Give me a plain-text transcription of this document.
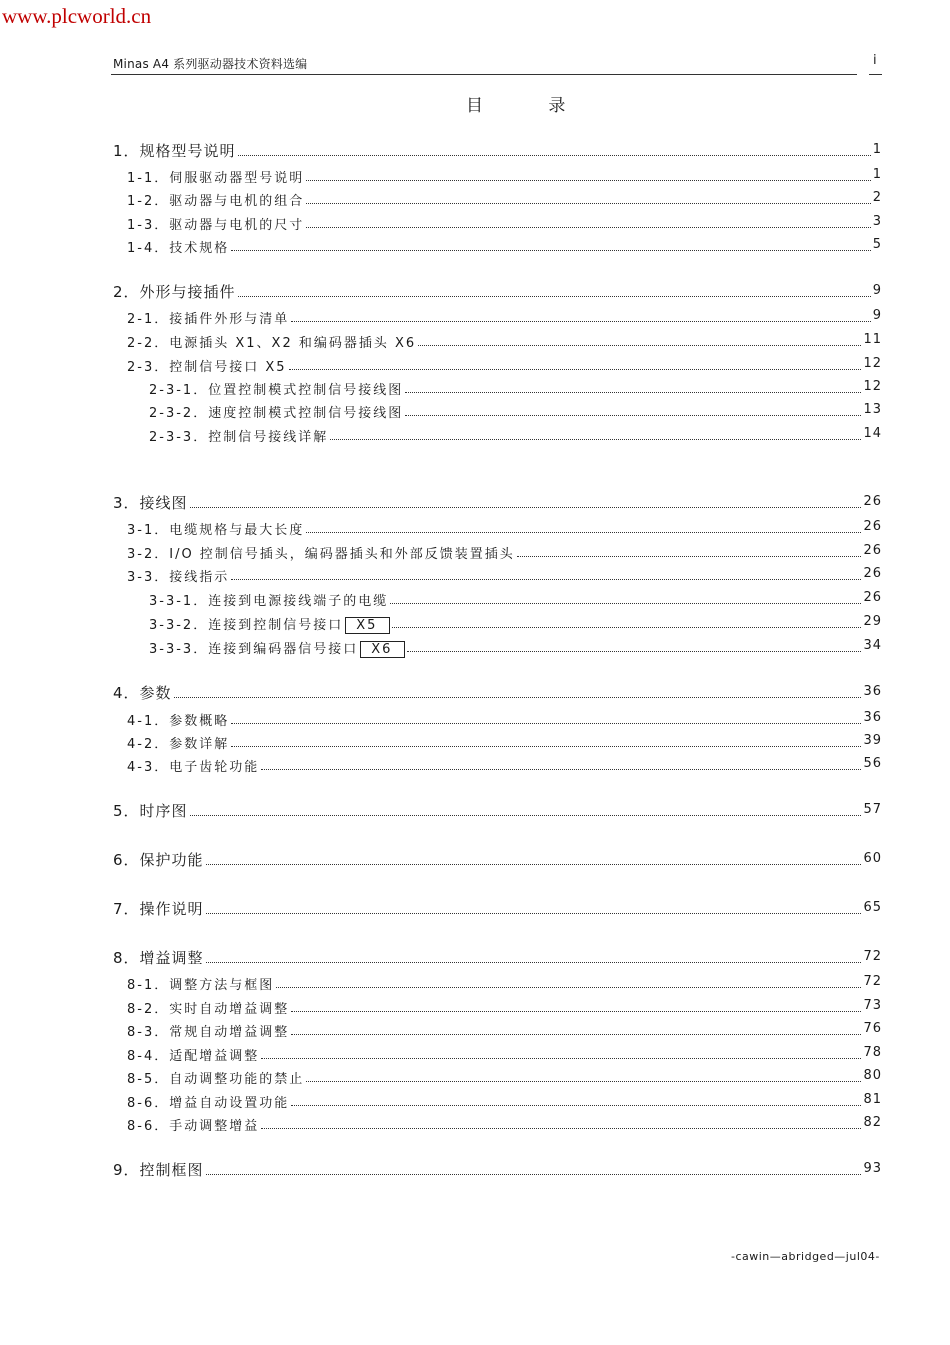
www.plcworld.cn
Minas A4 系列驱动器技术资料选编	i
目 录
1．规格型号说明	1
1-1．伺服驱动器型号说明	1
1-2．驱动器与电机的组合	2
1-3．驱动器与电机的尺寸	3
1-4．技术规格	5
2．外形与接插件	9
2-1．接插件外形与清单	9
2-2．电源插头 X1、X2 和编码器插头 X6	11
2-3．控制信号接口 X5	12
2-3-1．位置控制模式控制信号接线图	12
2-3-2．速度控制模式控制信号接线图	13
2-3-3．控制信号接线详解	14
3．接线图	26
3-1．电缆规格与最大长度	26
3-2．I/O 控制信号插头，编码器插头和外部反馈装置插头	26
3-3．接线指示	26
3-3-1．连接到电源接线端子的电缆	26
3-3-2．连接到控制信号接口 X5	29
3-3-3．连接到编码器信号接口 X6	34
4．参数	36
4-1．参数概略	36
4-2．参数详解	39
4-3．电子齿轮功能	56
5．时序图	57
6．保护功能	60
7．操作说明	65
8．增益调整	72
8-1．调整方法与框图	72
8-2．实时自动增益调整	73
8-3．常规自动增益调整	76
8-4．适配增益调整	78
8-5．自动调整功能的禁止	80
8-6．增益自动设置功能	81
8-6．手动调整增益	82
9．控制框图	93
-cawin—abridged—jul04-
